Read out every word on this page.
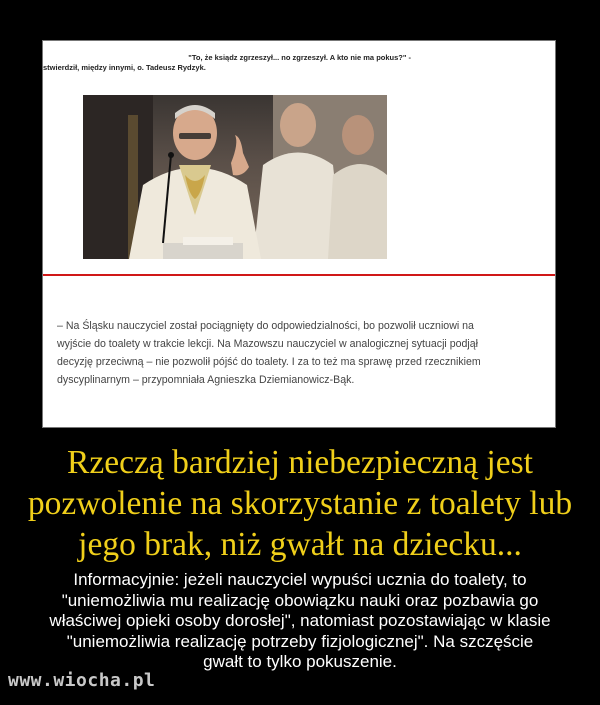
"To, że ksiądz zgrzeszył... no zgrzeszył. A kto nie ma pokus?" -
stwierdził, między innymi, o. Tadeusz Rydzyk.
– Na Śląsku nauczyciel został pociągnięty do odpowiedzialności, bo pozwolił uczniowi na
wyjście do toalety w trakcie lekcji. Na Mazowszu nauczyciel w analogicznej sytuacji podjął
decyzję przeciwną – nie pozwolił pójść do toalety. I za to też ma sprawę przed rzecznikiem
dyscyplinarnym – przypomniała Agnieszka Dziemianowicz-Bąk.
Rzeczą bardziej niebezpieczną jest
pozwolenie na skorzystanie z toalety lub
jego brak, niż gwałt na dziecku...
Informacyjnie: jeżeli nauczyciel wypuści ucznia do toalety, to
"uniemożliwia mu realizację obowiązku nauki oraz pozbawia go
właściwej opieki osoby dorosłej", natomiast pozostawiając w klasie
"uniemożliwia realizację potrzeby fizjologicznej". Na szczęście
gwałt to tylko pokuszenie.
www.wiocha.pl
